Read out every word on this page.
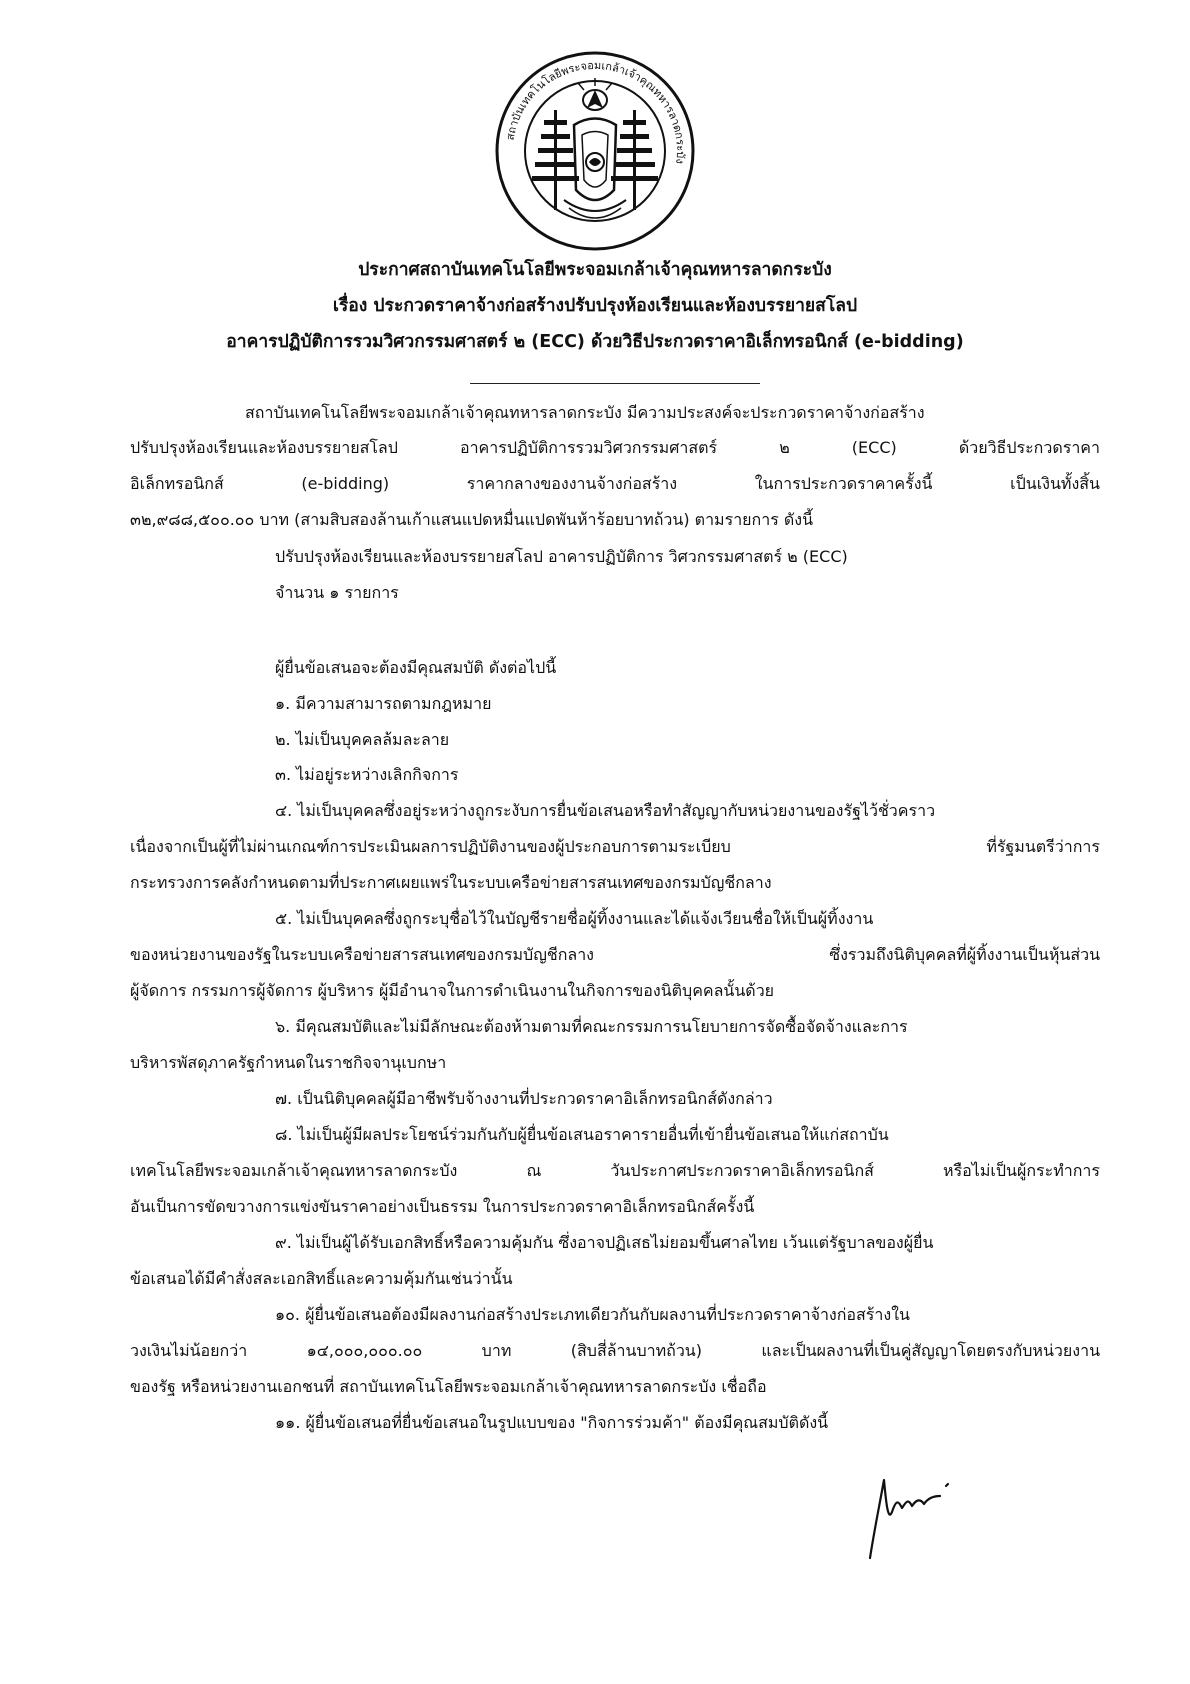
สถาบันเทคโนโลยีพระจอมเกล้าเจ้าคุณทหารลาดกระบัง
ประกาศสถาบันเทคโนโลยีพระจอมเกล้าเจ้าคุณทหารลาดกระบัง
เรื่อง ประกวดราคาจ้างก่อสร้างปรับปรุงห้องเรียนและห้องบรรยายสโลป
อาคารปฏิบัติการรวมวิศวกรรมศาสตร์ ๒ (ECC) ด้วยวิธีประกวดราคาอิเล็กทรอนิกส์ (e-bidding)
สถาบันเทคโนโลยีพระจอมเกล้าเจ้าคุณทหารลาดกระบัง มีความประสงค์จะประกวดราคาจ้างก่อสร้าง
ปรับปรุงห้องเรียนและห้องบรรยายสโลป อาคารปฏิบัติการรวมวิศวกรรมศาสตร์ ๒ (ECC) ด้วยวิธีประกวดราคา
อิเล็กทรอนิกส์ (e-bidding) ราคากลางของงานจ้างก่อสร้าง ในการประกวดราคาครั้งนี้ เป็นเงินทั้งสิ้น
๓๒,๙๘๘,๕๐๐.๐๐ บาท (สามสิบสองล้านเก้าแสนแปดหมื่นแปดพันห้าร้อยบาทถ้วน) ตามรายการ ดังนี้
ปรับปรุงห้องเรียนและห้องบรรยายสโลป อาคารปฏิบัติการ วิศวกรรมศาสตร์ ๒ (ECC)
จำนวน ๑ รายการ
ผู้ยื่นข้อเสนอจะต้องมีคุณสมบัติ ดังต่อไปนี้
๑. มีความสามารถตามกฎหมาย
๒. ไม่เป็นบุคคลล้มละลาย
๓. ไม่อยู่ระหว่างเลิกกิจการ
๔. ไม่เป็นบุคคลซึ่งอยู่ระหว่างถูกระงับการยื่นข้อเสนอหรือทำสัญญากับหน่วยงานของรัฐไว้ชั่วคราว
เนื่องจากเป็นผู้ที่ไม่ผ่านเกณฑ์การประเมินผลการปฏิบัติงานของผู้ประกอบการตามระเบียบ ที่รัฐมนตรีว่าการ
กระทรวงการคลังกำหนดตามที่ประกาศเผยแพร่ในระบบเครือข่ายสารสนเทศของกรมบัญชีกลาง
๕. ไม่เป็นบุคคลซึ่งถูกระบุชื่อไว้ในบัญชีรายชื่อผู้ทิ้งงานและได้แจ้งเวียนชื่อให้เป็นผู้ทิ้งงาน
ของหน่วยงานของรัฐในระบบเครือข่ายสารสนเทศของกรมบัญชีกลาง ซึ่งรวมถึงนิติบุคคลที่ผู้ทิ้งงานเป็นหุ้นส่วน
ผู้จัดการ กรรมการผู้จัดการ ผู้บริหาร ผู้มีอำนาจในการดำเนินงานในกิจการของนิติบุคคลนั้นด้วย
๖. มีคุณสมบัติและไม่มีลักษณะต้องห้ามตามที่คณะกรรมการนโยบายการจัดซื้อจัดจ้างและการ
บริหารพัสดุภาครัฐกำหนดในราชกิจจานุเบกษา
๗. เป็นนิติบุคคลผู้มีอาชีพรับจ้างงานที่ประกวดราคาอิเล็กทรอนิกส์ดังกล่าว
๘. ไม่เป็นผู้มีผลประโยชน์ร่วมกันกับผู้ยื่นข้อเสนอราคารายอื่นที่เข้ายื่นข้อเสนอให้แก่สถาบัน
เทคโนโลยีพระจอมเกล้าเจ้าคุณทหารลาดกระบัง ณ วันประกาศประกวดราคาอิเล็กทรอนิกส์ หรือไม่เป็นผู้กระทำการ
อันเป็นการขัดขวางการแข่งขันราคาอย่างเป็นธรรม ในการประกวดราคาอิเล็กทรอนิกส์ครั้งนี้
๙. ไม่เป็นผู้ได้รับเอกสิทธิ์หรือความคุ้มกัน ซึ่งอาจปฏิเสธไม่ยอมขึ้นศาลไทย เว้นแต่รัฐบาลของผู้ยื่น
ข้อเสนอได้มีคำสั่งสละเอกสิทธิ์และความคุ้มกันเช่นว่านั้น
๑๐. ผู้ยื่นข้อเสนอต้องมีผลงานก่อสร้างประเภทเดียวกันกับผลงานที่ประกวดราคาจ้างก่อสร้างใน
วงเงินไม่น้อยกว่า ๑๔,๐๐๐,๐๐๐.๐๐ บาท (สิบสี่ล้านบาทถ้วน) และเป็นผลงานที่เป็นคู่สัญญาโดยตรงกับหน่วยงาน
ของรัฐ หรือหน่วยงานเอกชนที่ สถาบันเทคโนโลยีพระจอมเกล้าเจ้าคุณทหารลาดกระบัง เชื่อถือ
๑๑. ผู้ยื่นข้อเสนอที่ยื่นข้อเสนอในรูปแบบของ "กิจการร่วมค้า" ต้องมีคุณสมบัติดังนี้
